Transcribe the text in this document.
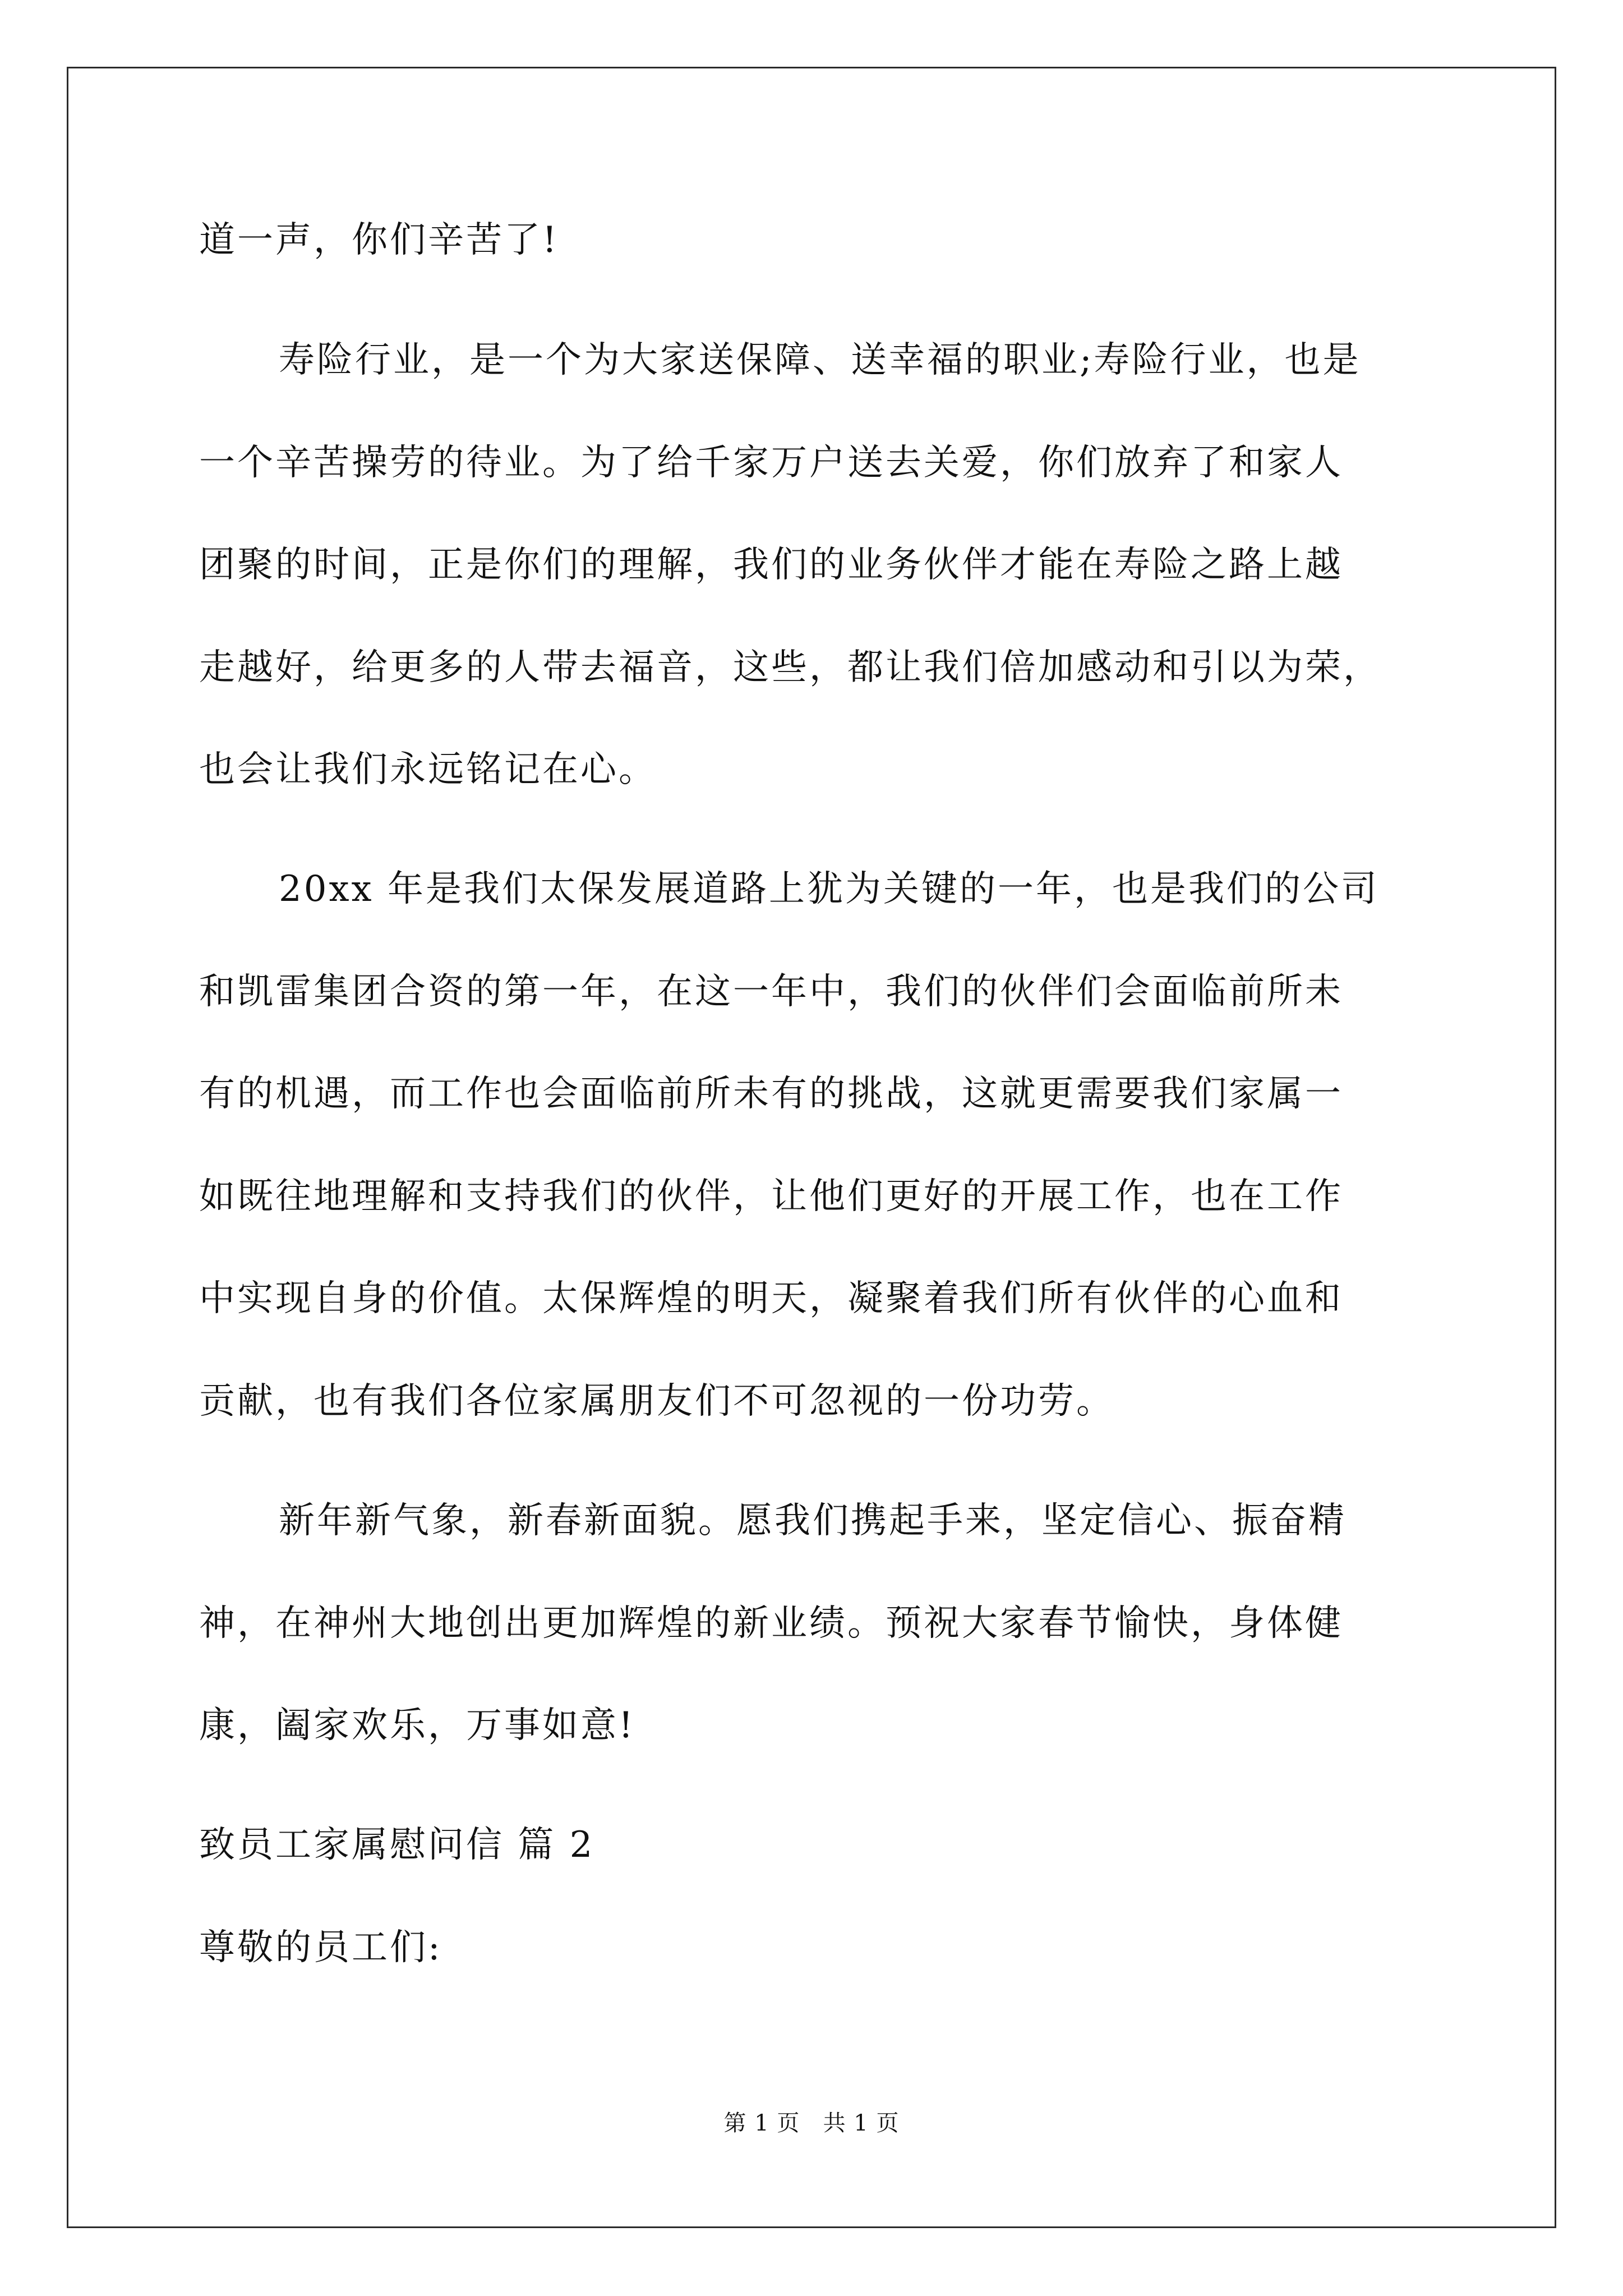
道一声，你们辛苦了!
寿险行业，是一个为大家送保障、送幸福的职业;寿险行业，也是
一个辛苦操劳的待业。为了给千家万户送去关爱，你们放弃了和家人
团聚的时间，正是你们的理解，我们的业务伙伴才能在寿险之路上越
走越好，给更多的人带去福音，这些，都让我们倍加感动和引以为荣，
也会让我们永远铭记在心。
20xx 年是我们太保发展道路上犹为关键的一年，也是我们的公司
和凯雷集团合资的第一年，在这一年中，我们的伙伴们会面临前所未
有的机遇，而工作也会面临前所未有的挑战，这就更需要我们家属一
如既往地理解和支持我们的伙伴，让他们更好的开展工作，也在工作
中实现自身的价值。太保辉煌的明天，凝聚着我们所有伙伴的心血和
贡献，也有我们各位家属朋友们不可忽视的一份功劳。
新年新气象，新春新面貌。愿我们携起手来，坚定信心、振奋精
神，在神州大地创出更加辉煌的新业绩。预祝大家春节愉快，身体健
康，阖家欢乐，万事如意!
致员工家属慰问信 篇 2
尊敬的员工们:
第 1 页   共 1 页
